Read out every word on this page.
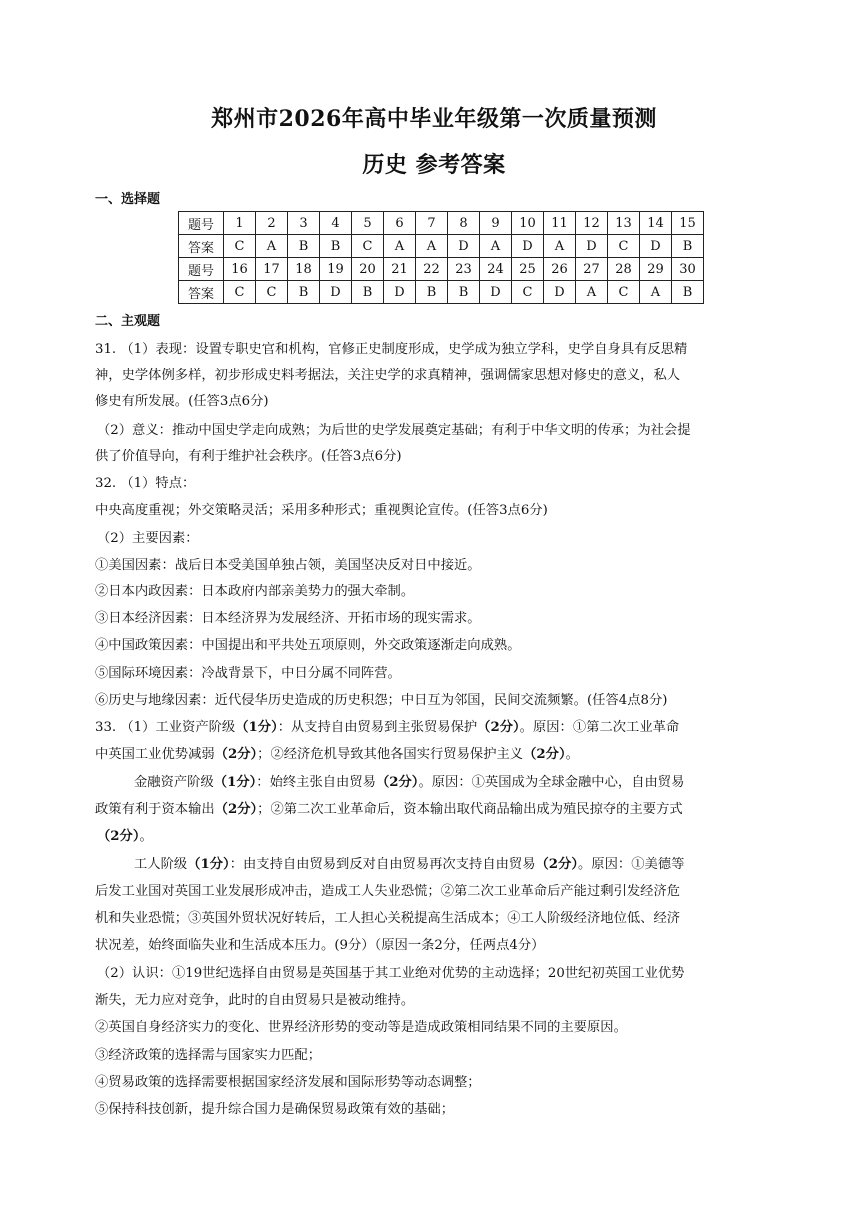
郑州市2026年高中毕业年级第一次质量预测
历史 参考答案
一、选择题
题号	1	2	3	4	5	6	7	8	9	10	11	12	13	14	15
答案	C	A	B	B	C	A	A	D	A	D	A	D	C	D	B
题号	16	17	18	19	20	21	22	23	24	25	26	27	28	29	30
答案	C	C	B	D	B	D	B	B	D	C	D	A	C	A	B
二、主观题
31. （1）表现：设置专职史官和机构，官修正史制度形成，史学成为独立学科，史学自身具有反思精
神，史学体例多样，初步形成史料考据法，关注史学的求真精神，强调儒家思想对修史的意义，私人
修史有所发展。(任答3点6分)
（2）意义：推动中国史学走向成熟；为后世的史学发展奠定基础；有利于中华文明的传承；为社会提
供了价值导向，有利于维护社会秩序。(任答3点6分)
32. （1）特点：
中央高度重视；外交策略灵活；采用多种形式；重视舆论宣传。(任答3点6分)
（2）主要因素：
①美国因素：战后日本受美国单独占领，美国坚决反对日中接近。
②日本内政因素：日本政府内部亲美势力的强大牵制。
③日本经济因素：日本经济界为发展经济、开拓市场的现实需求。
④中国政策因素：中国提出和平共处五项原则，外交政策逐渐走向成熟。
⑤国际环境因素：冷战背景下，中日分属不同阵营。
⑥历史与地缘因素：近代侵华历史造成的历史积怨；中日互为邻国，民间交流频繁。(任答4点8分)
33. （1）工业资产阶级（1分）：从支持自由贸易到主张贸易保护（2分）。原因：①第二次工业革命
中英国工业优势减弱（2分）；②经济危机导致其他各国实行贸易保护主义（2分）。
金融资产阶级（1分）：始终主张自由贸易（2分）。原因：①英国成为全球金融中心，自由贸易
政策有利于资本输出（2分）；②第二次工业革命后，资本输出取代商品输出成为殖民掠夺的主要方式
（2分）。
工人阶级（1分）：由支持自由贸易到反对自由贸易再次支持自由贸易（2分）。原因：①美德等
后发工业国对英国工业发展形成冲击，造成工人失业恐慌；②第二次工业革命后产能过剩引发经济危
机和失业恐慌；③英国外贸状况好转后，工人担心关税提高生活成本；④工人阶级经济地位低、经济
状况差，始终面临失业和生活成本压力。(9分）（原因一条2分，任两点4分）
（2）认识：①19世纪选择自由贸易是英国基于其工业绝对优势的主动选择；20世纪初英国工业优势
渐失，无力应对竞争，此时的自由贸易只是被动维持。
②英国自身经济实力的变化、世界经济形势的变动等是造成政策相同结果不同的主要原因。
③经济政策的选择需与国家实力匹配；
④贸易政策的选择需要根据国家经济发展和国际形势等动态调整；
⑤保持科技创新，提升综合国力是确保贸易政策有效的基础；
